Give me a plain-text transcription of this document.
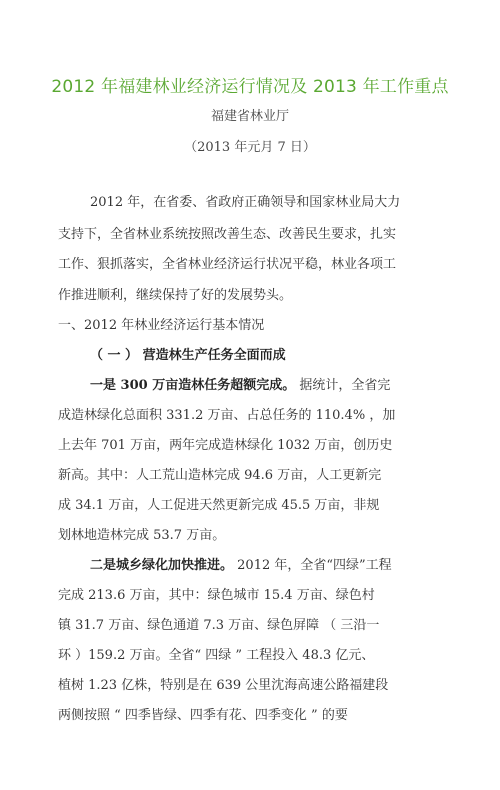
2012 年福建林业经济运行情况及 2013 年工作重点
福建省林业厅
（2013 年元月 7 日）
2012 年，在省委、省政府正确领导和国家林业局大力
支持下，全省林业系统按照改善生态、改善民生要求，扎实
工作、狠抓落实，全省林业经济运行状况平稳，林业各项工
作推进顺利，继续保持了好的发展势头。
一、2012 年林业经济运行基本情况
（ 一 ） 营造林生产任务全面而成
一是 300 万亩造林任务超额完成。 据统计，全省完
成造林绿化总面积 331.2 万亩、占总任务的 110.4% ，加
上去年 701 万亩，两年完成造林绿化 1032 万亩，创历史
新高。其中：人工荒山造林完成 94.6 万亩，人工更新完
成 34.1 万亩，人工促进天然更新完成 45.5 万亩，非规
划林地造林完成 53.7 万亩。
二是城乡绿化加快推进。 2012 年，全省“四绿”工程
完成 213.6 万亩，其中：绿色城市 15.4 万亩、绿色村
镇 31.7 万亩、绿色通道 7.3 万亩、绿色屏障 （ 三沿一
环 ）159.2 万亩。全省“ 四绿 ” 工程投入 48.3 亿元、
植树 1.23 亿株，特别是在 639 公里沈海高速公路福建段
两侧按照 “ 四季皆绿、四季有花、四季变化 ” 的要
